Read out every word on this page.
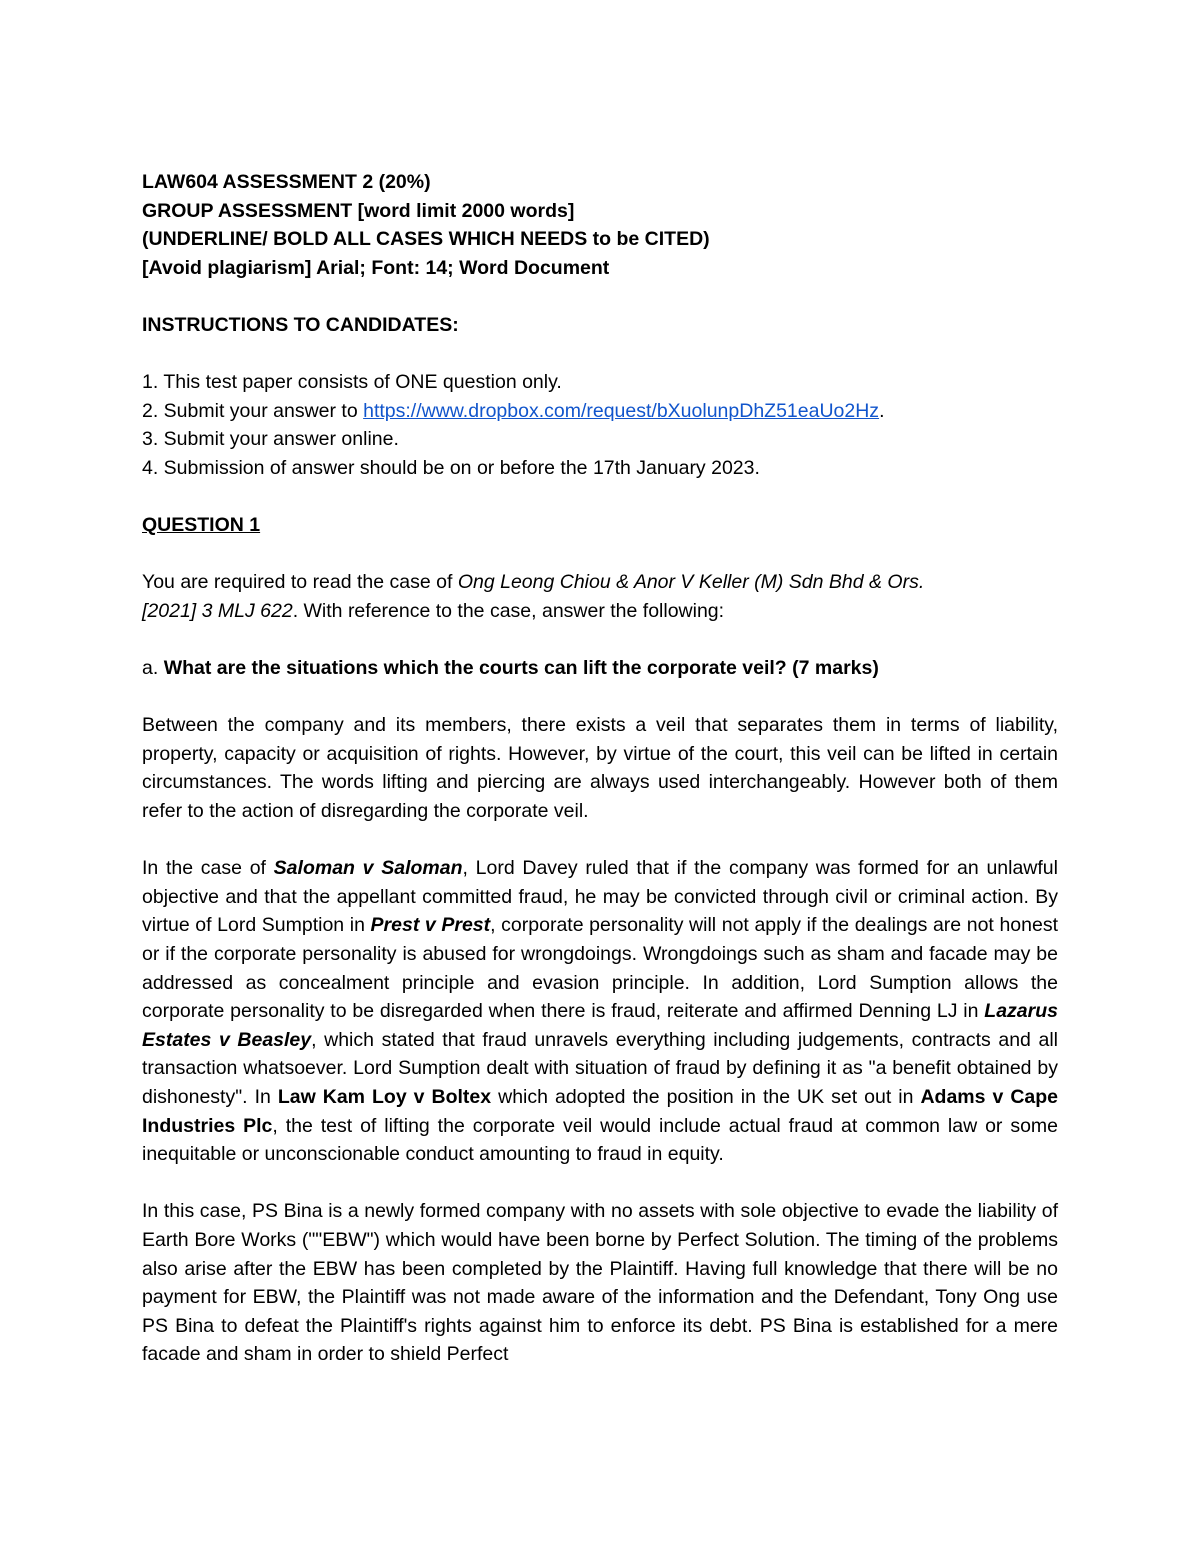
LAW604 ASSESSMENT 2 (20%)

GROUP ASSESSMENT [word limit 2000 words]

(UNDERLINE/ BOLD ALL CASES WHICH NEEDS to be CITED)

[Avoid plagiarism] Arial; Font: 14; Word Document

INSTRUCTIONS TO CANDIDATES:

1. This test paper consists of ONE question only.

2. Submit your answer to https://www.dropbox.com/request/bXuolunpDhZ51eaUo2Hz.

3. Submit your answer online.

4. Submission of answer should be on or before the 17th January 2023.

QUESTION 1

You are required to read the case of Ong Leong Chiou & Anor V Keller (M) Sdn Bhd & Ors.
[2021] 3 MLJ 622. With reference to the case, answer the following:

a. What are the situations which the courts can lift the corporate veil? (7 marks)

Between the company and its members, there exists a veil that separates them in terms of liability, property, capacity or acquisition of rights. However, by virtue of the court, this veil can be lifted in certain circumstances. The words lifting and piercing are always used interchangeably. However both of them refer to the action of disregarding the corporate veil.

In the case of Saloman v Saloman, Lord Davey ruled that if the company was formed for an unlawful objective and that the appellant committed fraud, he may be convicted through civil or criminal action. By virtue of Lord Sumption in Prest v Prest, corporate personality will not apply if the dealings are not honest or if the corporate personality is abused for wrongdoings. Wrongdoings such as sham and facade may be addressed as concealment principle and evasion principle. In addition, Lord Sumption allows the corporate personality to be disregarded when there is fraud, reiterate and affirmed Denning LJ in Lazarus Estates v Beasley, which stated that fraud unravels everything including judgements, contracts and all transaction whatsoever. Lord Sumption dealt with situation of fraud by defining it as "a benefit obtained by dishonesty". In Law Kam Loy v Boltex which adopted the position in the UK set out in Adams v Cape Industries Plc, the test of lifting the corporate veil would include actual fraud at common law or some inequitable or unconscionable conduct amounting to fraud in equity.

In this case, PS Bina is a newly formed company with no assets with sole objective to evade the liability of Earth Bore Works (""EBW") which would have been borne by Perfect Solution. The timing of the problems also arise after the EBW has been completed by the Plaintiff. Having full knowledge that there will be no payment for EBW, the Plaintiff was not made aware of the information and the Defendant, Tony Ong use PS Bina to defeat the Plaintiff's rights against him to enforce its debt. PS Bina is established for a mere facade and sham in order to shield Perfect
